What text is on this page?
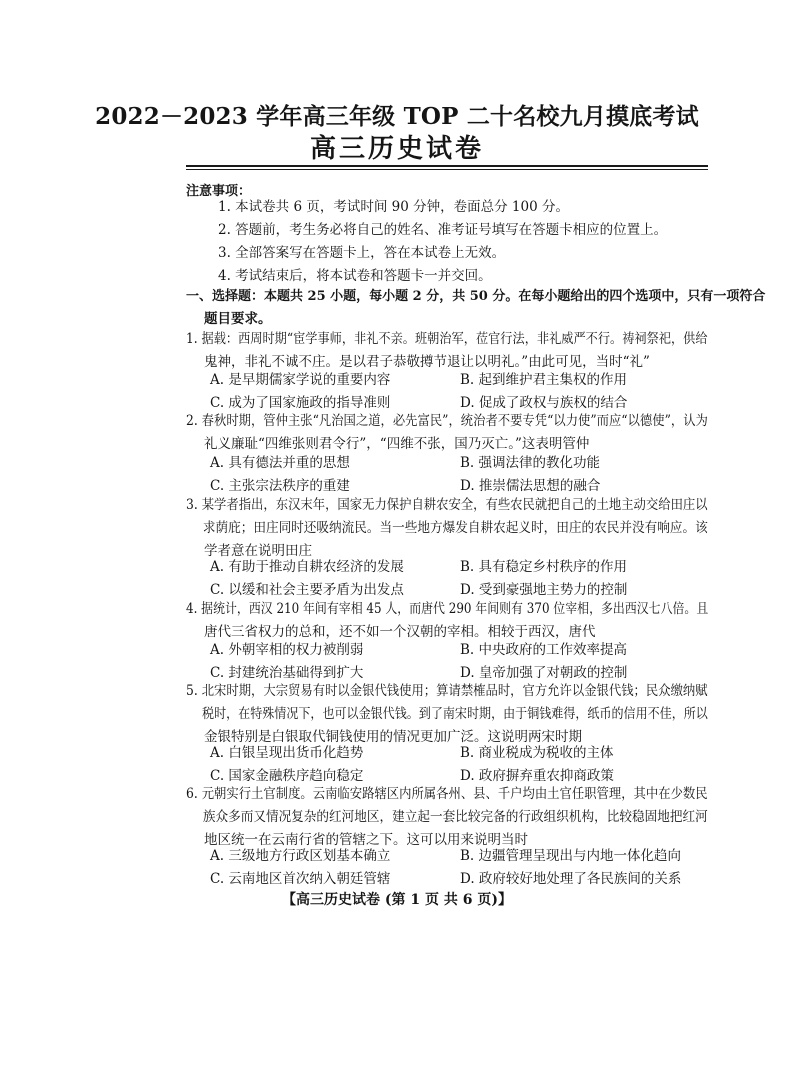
2022－2023 学年高三年级 TOP 二十名校九月摸底考试
高三历史试卷
注意事项：
1. 本试卷共 6 页，考试时间 90 分钟，卷面总分 100 分。
2. 答题前，考生务必将自己的姓名、准考证号填写在答题卡相应的位置上。
3. 全部答案写在答题卡上，答在本试卷上无效。
4. 考试结束后，将本试卷和答题卡一并交回。
一、选择题：本题共 25 小题，每小题 2 分，共 50 分。在每小题给出的四个选项中，只有一项符合
题目要求。
1. 据载：西周时期“宦学事师，非礼不亲。班朝治军，莅官行法，非礼威严不行。祷祠祭祀，供给
鬼神，非礼不诚不庄。是以君子恭敬撙节退让以明礼。”由此可见，当时“礼”
A. 是早期儒家学说的重要内容	B. 起到维护君主集权的作用
C. 成为了国家施政的指导准则	D. 促成了政权与族权的结合
2. 春秋时期，管仲主张“凡治国之道，必先富民”，统治者不要专凭“以力使”而应“以德使”，认为
礼义廉耻“四维张则君令行”，“四维不张，国乃灭亡。”这表明管仲
A. 具有德法并重的思想	B. 强调法律的教化功能
C. 主张宗法秩序的重建	D. 推崇儒法思想的融合
3. 某学者指出，东汉末年，国家无力保护自耕农安全，有些农民就把自己的土地主动交给田庄以 求荫庇；田庄同时还吸纳流民。当一些地方爆发自耕农起义时，田庄的农民并没有响应。该
学者意在说明田庄
A. 有助于推动自耕农经济的发展	B. 具有稳定乡村秩序的作用
C. 以缓和社会主要矛盾为出发点	D. 受到豪强地主势力的控制
4. 据统计，西汉 210 年间有宰相 45 人，而唐代 290 年间则有 370 位宰相，多出西汉七八倍。且
唐代三省权力的总和，还不如一个汉朝的宰相。相较于西汉，唐代
A. 外朝宰相的权力被削弱	B. 中央政府的工作效率提高
C. 封建统治基础得到扩大	D. 皇帝加强了对朝政的控制
5. 北宋时期，大宗贸易有时以金银代钱使用；算请禁榷品时，官方允许以金银代钱；民众缴纳赋 税时，在特殊情况下，也可以金银代钱。到了南宋时期，由于铜钱难得，纸币的信用不佳，所以
金银特别是白银取代铜钱使用的情况更加广泛。这说明两宋时期
A. 白银呈现出货币化趋势	B. 商业税成为税收的主体
C. 国家金融秩序趋向稳定	D. 政府摒弃重农抑商政策
6. 元朝实行土官制度。云南临安路辖区内所属各州、县、千户均由土官任职管理，其中在少数民 族众多而又情况复杂的红河地区，建立起一套比较完备的行政组织机构，比较稳固地把红河
地区统一在云南行省的管辖之下。这可以用来说明当时
A. 三级地方行政区划基本确立	B. 边疆管理呈现出与内地一体化趋向
C. 云南地区首次纳入朝廷管辖	D. 政府较好地处理了各民族间的关系
【高三历史试卷 (第 1 页 共 6 页)】
